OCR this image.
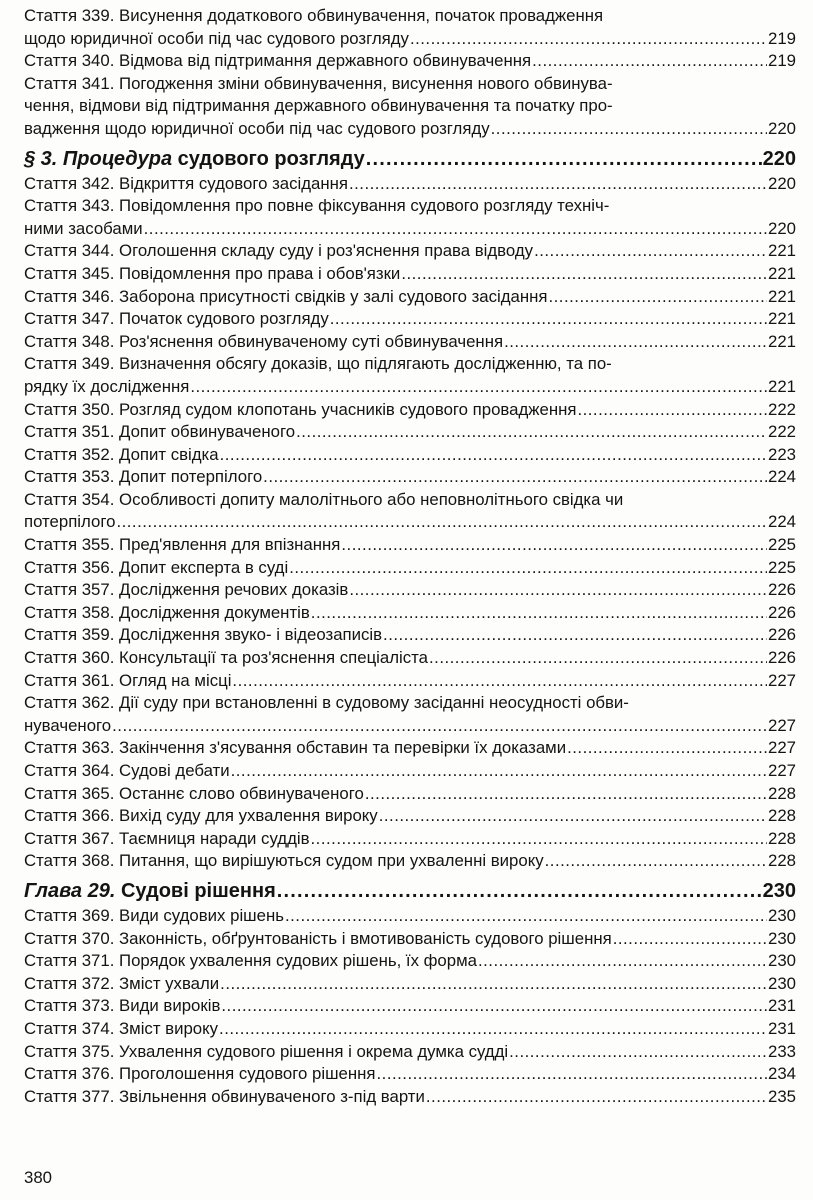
Стаття 339. Висунення додаткового обвинувачення, початок провадження
щодо юридичної особи під час судового розгляду .....	219
Стаття 340. Відмова від підтримання державного обвинувачення .....	219
Стаття 341. Погодження зміни обвинувачення, висунення нового обвинува-
чення, відмови від підтримання державного обвинувачення та початку про-
вадження щодо юридичної особи під час судового розгляду .....	220
§ 3. Процедура судового розгляду .....	220
Стаття 342. Відкриття судового засідання .....	220
Стаття 343. Повідомлення про повне фіксування судового розгляду техніч-
ними засобами .....	220
Стаття 344. Оголошення складу суду і роз'яснення права відводу .....	221
Стаття 345. Повідомлення про права і обов'язки .....	221
Стаття 346. Заборона присутності свідків у залі судового засідання .....	221
Стаття 347. Початок судового розгляду .....	221
Стаття 348. Роз'яснення обвинуваченому суті обвинувачення .....	221
Стаття 349. Визначення обсягу доказів, що підлягають дослідженню, та по-
рядку їх дослідження .....	221
Стаття 350. Розгляд судом клопотань учасників судового провадження .....	222
Стаття 351. Допит обвинуваченого .....	222
Стаття 352. Допит свідка .....	223
Стаття 353. Допит потерпілого .....	224
Стаття 354. Особливості допиту малолітнього або неповнолітнього свідка чи
потерпілого .....	224
Стаття 355. Пред'явлення для впізнання .....	225
Стаття 356. Допит експерта в суді .....	225
Стаття 357. Дослідження речових доказів .....	226
Стаття 358. Дослідження документів .....	226
Стаття 359. Дослідження звуко- і відеозаписів .....	226
Стаття 360. Консультації та роз'яснення спеціаліста .....	226
Стаття 361. Огляд на місці .....	227
Стаття 362. Дії суду при встановленні в судовому засіданні неосудності обви-
нуваченого .....	227
Стаття 363. Закінчення з'ясування обставин та перевірки їх доказами .....	227
Стаття 364. Судові дебати .....	227
Стаття 365. Останнє слово обвинуваченого .....	228
Стаття 366. Вихід суду для ухвалення вироку .....	228
Стаття 367. Таємниця наради суддів .....	228
Стаття 368. Питання, що вирішуються судом при ухваленні вироку .....	228
Глава 29. Судові рішення .....	230
Стаття 369. Види судових рішень .....	230
Стаття 370. Законність, обґрунтованість і вмотивованість судового рішення .....	230
Стаття 371. Порядок ухвалення судових рішень, їх форма .....	230
Стаття 372. Зміст ухвали .....	230
Стаття 373. Види вироків .....	231
Стаття 374. Зміст вироку .....	231
Стаття 375. Ухвалення судового рішення і окрема думка судді .....	233
Стаття 376. Проголошення судового рішення .....	234
Стаття 377. Звільнення обвинуваченого з-під варти .....	235
380
